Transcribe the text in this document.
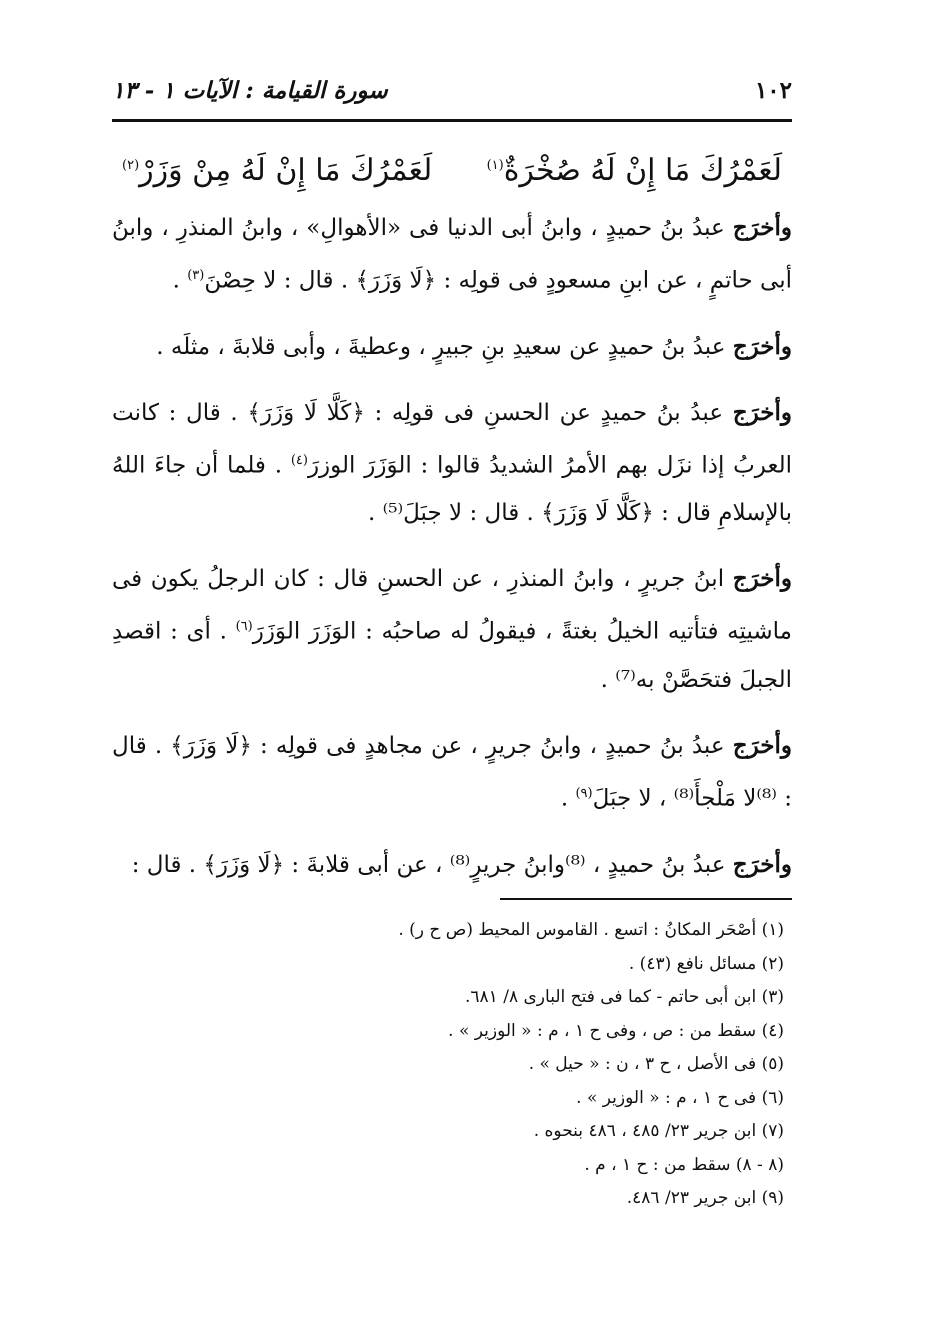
١٠٢
سورة القيامة : الآيات ١ - ١٣
لَعَمْرُكَ مَا إِنْ لَهُ صُخْرَةٌ$^{(١)}$
لَعَمْرُكَ مَا إِنْ لَهُ مِنْ وَزَرْ$^{(٢)}$

وأخرَج عبدُ بنُ حميدٍ ، وابنُ أبى الدنيا فى «الأهوالِ» ، وابنُ المنذرِ ، وابنُ أبى حاتمٍ ، عن ابنِ مسعودٍ فى قولِه : ﴿لَا وَزَرَ﴾ . قال : لا حِصْنَ$^{(٣)}$ .

وأخرَج عبدُ بنُ حميدٍ عن سعيدِ بنِ جبيرٍ ، وعطيةَ ، وأبى قلابةَ ، مثلَه .

وأخرَج عبدُ بنُ حميدٍ عن الحسنِ فى قولِه : ﴿كَلَّا لَا وَزَرَ﴾ . قال : كانت العربُ إذا نزَل بهم الأمرُ الشديدُ قالوا : الوَزَرَ الوزرَ$^{(٤)}$ . فلما أن جاءَ اللهُ بالإسلامِ قال : ﴿كَلَّا لَا وَزَرَ﴾ . قال : لا جبَلَ⁽⁵⁾ .

وأخرَج ابنُ جريرٍ ، وابنُ المنذرِ ، عن الحسنِ قال : كان الرجلُ يكون فى ماشيتِه فتأتيه الخيلُ بغتةً ، فيقولُ له صاحبُه : الوَزَرَ الوَزَرَ$^{(٦)}$ . أى : اقصدِ الجبلَ فتحَصَّنْ به⁽⁷⁾ .

وأخرَج عبدُ بنُ حميدٍ ، وابنُ جريرٍ ، عن مجاهدٍ فى قولِه : ﴿لَا وَزَرَ﴾ . قال : ⁽⁸⁾لا مَلْجأَ⁽⁸⁾ ، لا جبَلَ$^{(٩)}$ .

وأخرَج عبدُ بنُ حميدٍ ، ⁽⁸⁾وابنُ جريرٍ⁽⁸⁾ ، عن أبى قلابةَ : ﴿لَا وَزَرَ﴾ . قال :

(١) أصْحَر المكانُ : اتسع . القاموس المحيط (ص ح ر) .
(٢) مسائل نافع (٤٣) .
(٣) ابن أبى حاتم - كما فى فتح البارى ٨/ ٦٨١.
(٤) سقط من : ص ، وفى ح ١ ، م : « الوزير » .
(٥) فى الأصل ، ح ٣ ، ن : « حيل » .
(٦) فى ح ١ ، م : « الوزير » .
(٧) ابن جرير ٢٣/ ٤٨٥ ، ٤٨٦ بنحوه .
(٨ - ٨) سقط من : ح ١ ، م .
(٩) ابن جرير ٢٣/ ٤٨٦.
